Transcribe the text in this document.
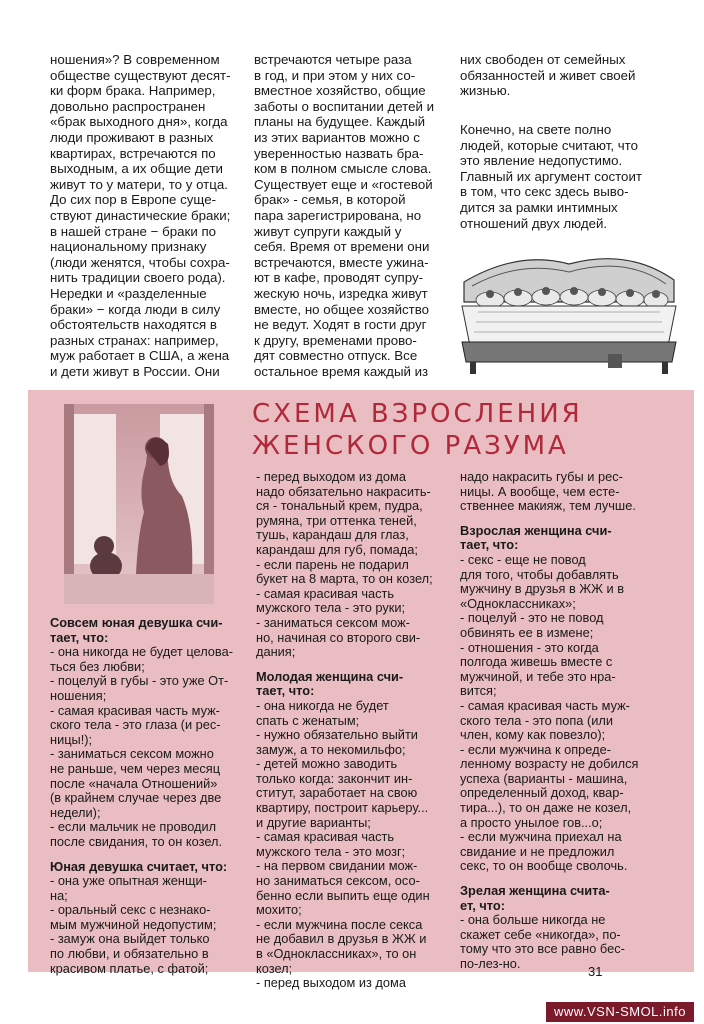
ношения»? В современном
обществе существуют десят-
ки форм брака. Например,
довольно распространен
«брак выходного дня», когда
люди проживают в разных
квартирах, встречаются по
выходным, а их общие дети
живут то у матери, то у отца.
До сих пор в Европе суще-
ствуют династические браки;
в нашей стране − браки по
национальному признаку
(люди женятся, чтобы сохра-
нить традиции своего рода).
Нередки и «разделенные
браки» − когда люди в силу
обстоятельств находятся в
разных странах: например,
муж работает в США, а жена
и дети живут в России. Они
встречаются четыре раза
в год, и при этом у них со-
вместное хозяйство, общие
заботы о воспитании детей и
планы на будущее. Каждый
из этих вариантов можно с
уверенностью назвать бра-
ком в полном смысле слова.
Существует еще и «гостевой
брак» - семья, в которой
пара зарегистрирована, но
живут супруги каждый у
себя. Время от времени они
встречаются, вместе ужина-
ют в кафе, проводят супру-
жескую ночь, изредка живут
вместе, но общее хозяйство
не ведут. Ходят в гости друг
к другу, временами прово-
дят совместно отпуск. Все
остальное время каждый из
них свободен от семейных
обязанностей и живет своей
жизнью.
Конечно, на свете полно
людей, которые считают, что
это явление недопустимо.
Главный их аргумент состоит
в том, что секс здесь выво-
дится за рамки интимных
отношений двух людей.
СХЕМА ВЗРОСЛЕНИЯ
ЖЕНСКОГО РАЗУМА

Совсем юная девушка счи-
тает, что:

- она никогда не будет целова-
ться без любви;
- поцелуй в губы - это уже От-
ношения;
- самая красивая часть муж-
ского тела - это глаза (и рес-
ницы!);
- заниматься сексом можно
не раньше, чем через месяц
после «начала Отношений»
(в крайнем случае через две
недели);
- если мальчик не проводил
после свидания, то он козел.

Юная девушка считает, что:

- она уже опытная женщи-
на;
- оральный секс с незнако-
мым мужчиной недопустим;
- замуж она выйдет только
по любви, и обязательно в
красивом платье, с фатой;

- перед выходом из дома
надо обязательно накрасить-
ся - тональный крем, пудра,
румяна, три оттенка теней,
тушь, карандаш для глаз,
карандаш для губ, помада;
- если парень не подарил
букет на 8 марта, то он козел;
- самая красивая часть
мужского тела - это руки;
- заниматься сексом мож-
но, начиная со второго сви-
дания;

Молодая женщина счи-
тает, что:

- она никогда не будет
спать с женатым;
- нужно обязательно выйти
замуж, а то некомильфо;
- детей можно заводить
только когда: закончит ин-
ститут, заработает на свою
квартиру, построит карьеру...
и другие варианты;
- самая красивая часть
мужского тела - это мозг;
- на первом свидании мож-
но заниматься сексом, осо-
бенно если выпить еще один
мохито;
- если мужчина после секса
не добавил в друзья в ЖЖ и
в «Одноклассниках», то он
козел;
- перед выходом из дома

надо накрасить губы и рес-
ницы. А вообще, чем есте-
ственнее макияж, тем лучше.

Взрослая женщина счи-
тает, что:

- секс - еще не повод
для того, чтобы добавлять
мужчину в друзья в ЖЖ и в
«Одноклассниках»;
- поцелуй - это не повод
обвинять ее в измене;
- отношения - это когда
полгода живешь вместе с
мужчиной, и тебе это нра-
вится;
- самая красивая часть муж-
ского тела - это попа (или
член, кому как повезло);
- если мужчина к опреде-
ленному возрасту не добился
успеха (варианты - машина,
определенный доход, квар-
тира...), то он даже не козел,
а просто унылое гов...о;
- если мужчина приехал на
свидание и не предложил
секс, то он вообще сволочь.

Зрелая женщина счита-
ет, что:

- она больше никогда не
скажет себе «никогда», по-
тому что это все равно бес-
по-лез-но.

31
www.VSN-SMOL.info
